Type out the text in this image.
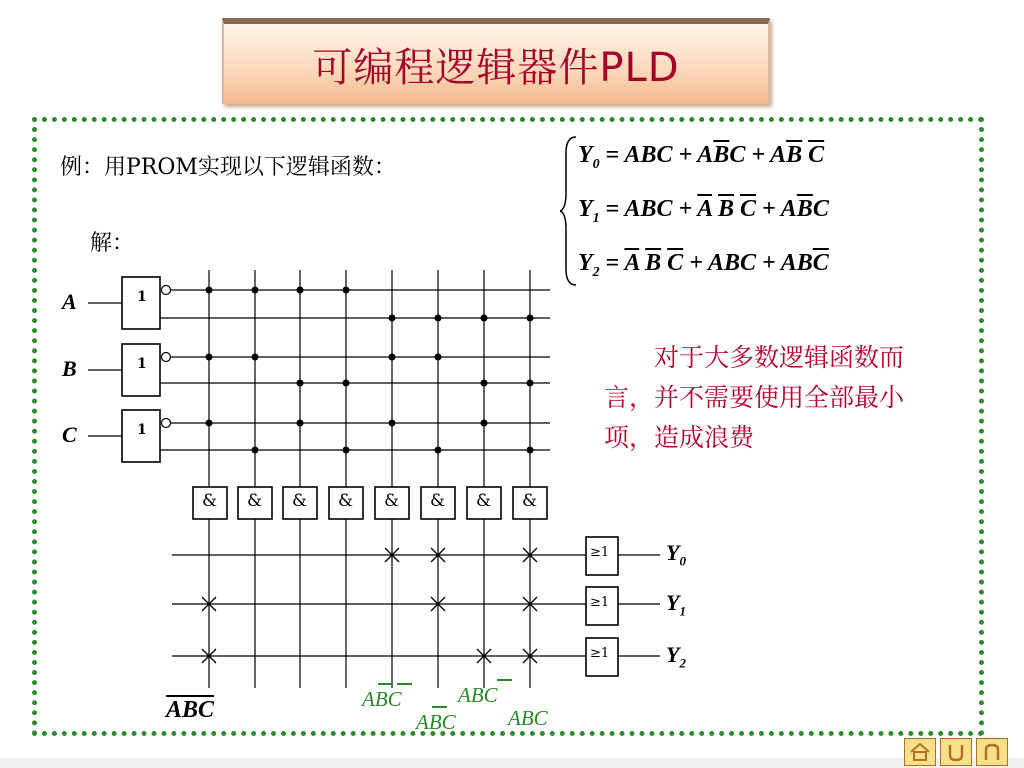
可编程逻辑器件PLD
例：用PROM实现以下逻辑函数：
解：
$Y_0$ = ABC + $A\overline{B}C + A\overline{B}$ $\overline{C}$
$Y_1$ = ABC + $\overline{A}$ $\overline{B}$ $\overline{C} + A\overline{B}C$
$Y_2 = \overline{A}$ $\overline{B}$ $\overline{C}$ + ABC + $AB\overline{C}$
A
B
C
1
1
1
& & & & & & & &
≥1
≥1
≥1
$Y_0$
$Y_1$
$Y_2$
对于大多数逻辑函数而言，并不需要使用全部最小项，造成浪费
$\overline{ABC}$	ABC
ABC
ABC
ABC
